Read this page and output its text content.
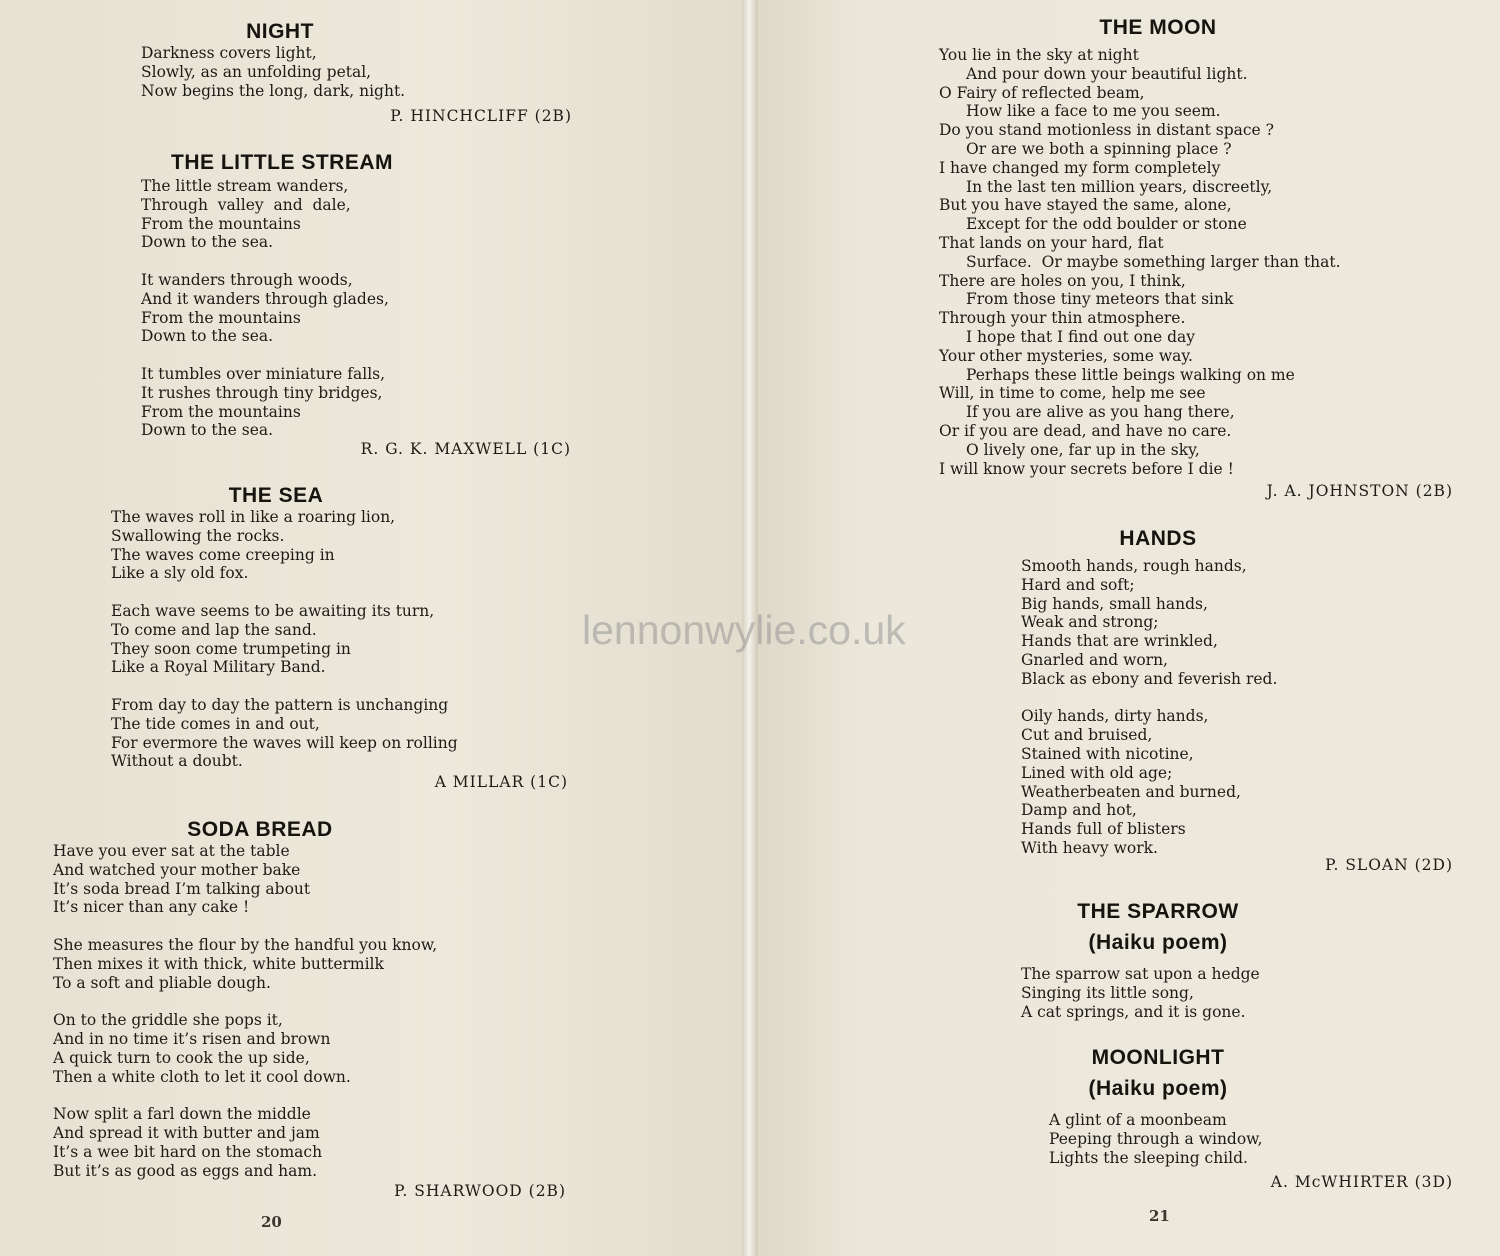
NIGHT
Darkness covers light,
Slowly, as an unfolding petal,
Now begins the long, dark, night.
P. HINCHCLIFF (2B)
THE LITTLE STREAM
The little stream wanders,
Through  valley  and  dale,
From the mountains
Down to the sea.
It wanders through woods,
And it wanders through glades,
From the mountains
Down to the sea.
It tumbles over miniature falls,
It rushes through tiny bridges,
From the mountains
Down to the sea.
R. G. K. MAXWELL (1C)
THE SEA
The waves roll in like a roaring lion,
Swallowing the rocks.
The waves come creeping in
Like a sly old fox.
Each wave seems to be awaiting its turn,
To come and lap the sand.
They soon come trumpeting in
Like a Royal Military Band.
From day to day the pattern is unchanging
The tide comes in and out,
For evermore the waves will keep on rolling
Without a doubt.
A MILLAR (1C)
SODA BREAD
Have you ever sat at the table
And watched your mother bake
It’s soda bread I’m talking about
It’s nicer than any cake !
She measures the flour by the handful you know,
Then mixes it with thick, white buttermilk
To a soft and pliable dough.
On to the griddle she pops it,
And in no time it’s risen and brown
A quick turn to cook the up side,
Then a white cloth to let it cool down.
Now split a farl down the middle
And spread it with butter and jam
It’s a wee bit hard on the stomach
But it’s as good as eggs and ham.
P. SHARWOOD (2B)
20
THE MOON
You lie in the sky at night
And pour down your beautiful light.
O Fairy of reflected beam,
How like a face to me you seem.
Do you stand motionless in distant space ?
Or are we both a spinning place ?
I have changed my form completely
In the last ten million years, discreetly,
But you have stayed the same, alone,
Except for the odd boulder or stone
That lands on your hard, flat
Surface.  Or maybe something larger than that.
There are holes on you, I think,
From those tiny meteors that sink
Through your thin atmosphere.
I hope that I find out one day
Your other mysteries, some way.
Perhaps these little beings walking on me
Will, in time to come, help me see
If you are alive as you hang there,
Or if you are dead, and have no care.
O lively one, far up in the sky,
I will know your secrets before I die !
J. A. JOHNSTON (2B)
HANDS
Smooth hands, rough hands,
Hard and soft;
Big hands, small hands,
Weak and strong;
Hands that are wrinkled,
Gnarled and worn,
Black as ebony and feverish red.
Oily hands, dirty hands,
Cut and bruised,
Stained with nicotine,
Lined with old age;
Weatherbeaten and burned,
Damp and hot,
Hands full of blisters
With heavy work.
P. SLOAN (2D)
THE SPARROW
(Haiku poem)
The sparrow sat upon a hedge
Singing its little song,
A cat springs, and it is gone.
MOONLIGHT
(Haiku poem)
A glint of a moonbeam
Peeping through a window,
Lights the sleeping child.
A. McWHIRTER (3D)
21
lennonwylie.co.uk
